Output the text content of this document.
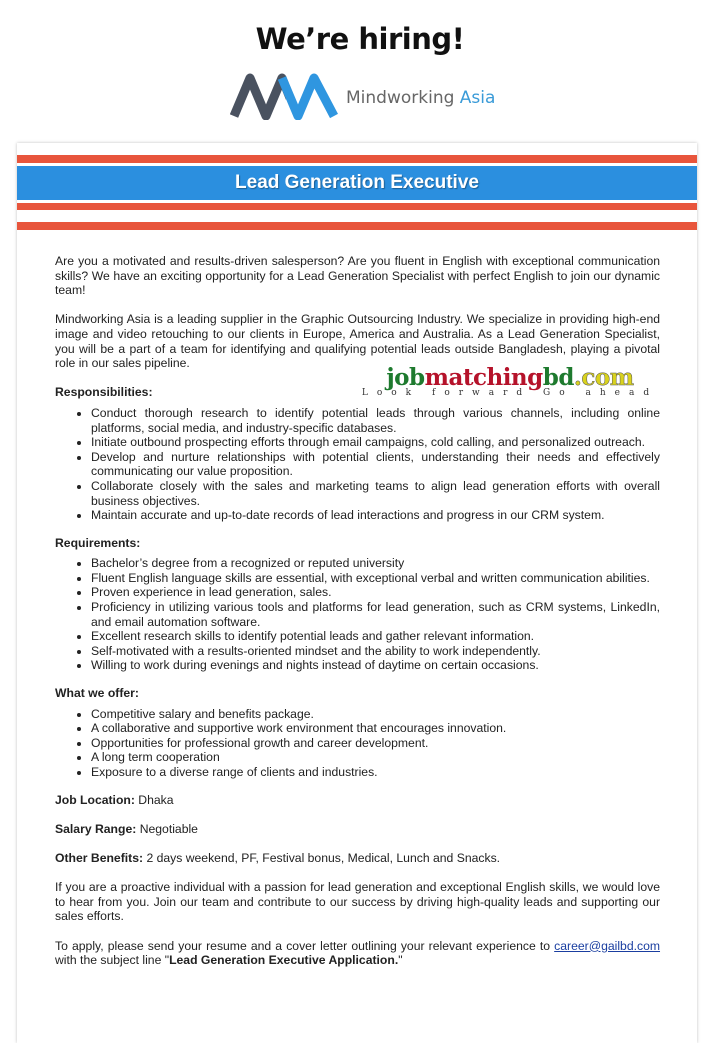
We’re hiring!
Mindworking Asia
Lead Generation Executive

Are you a motivated and results-driven salesperson? Are you fluent in English with exceptional communication skills? We have an exciting opportunity for a Lead Generation Specialist with perfect English to join our dynamic team!

Mindworking Asia is a leading supplier in the Graphic Outsourcing Industry. We specialize in providing high-end image and video retouching to our clients in Europe, America and Australia. As a Lead Generation Specialist, you will be a part of a team for identifying and qualifying potential leads outside Bangladesh, playing a pivotal role in our sales pipeline.

Responsibilities:
• Conduct thorough research to identify potential leads through various channels, including online platforms, social media, and industry-specific databases.
• Initiate outbound prospecting efforts through email campaigns, cold calling, and personalized outreach.
• Develop and nurture relationships with potential clients, understanding their needs and effectively communicating our value proposition.
• Collaborate closely with the sales and marketing teams to align lead generation efforts with overall business objectives.
• Maintain accurate and up-to-date records of lead interactions and progress in our CRM system.
Requirements:
• Bachelor’s degree from a recognized or reputed university
• Fluent English language skills are essential, with exceptional verbal and written communication abilities.
• Proven experience in lead generation, sales.
• Proficiency in utilizing various tools and platforms for lead generation, such as CRM systems, LinkedIn, and email automation software.
• Excellent research skills to identify potential leads and gather relevant information.
• Self-motivated with a results-oriented mindset and the ability to work independently.
• Willing to work during evenings and nights instead of daytime on certain occasions.
What we offer:
• Competitive salary and benefits package.
• A collaborative and supportive work environment that encourages innovation.
• Opportunities for professional growth and career development.
• A long term cooperation
• Exposure to a diverse range of clients and industries.

Job Location: Dhaka

Salary Range: Negotiable

Other Benefits: 2 days weekend, PF, Festival bonus, Medical, Lunch and Snacks.

If you are a proactive individual with a passion for lead generation and exceptional English skills, we would love to hear from you. Join our team and contribute to our success by driving high-quality leads and supporting our sales efforts.

To apply, please send your resume and a cover letter outlining your relevant experience to career@gailbd.com with the subject line "Lead Generation Executive Application."

jobmatchingbd.com
Look forward Go ahead
